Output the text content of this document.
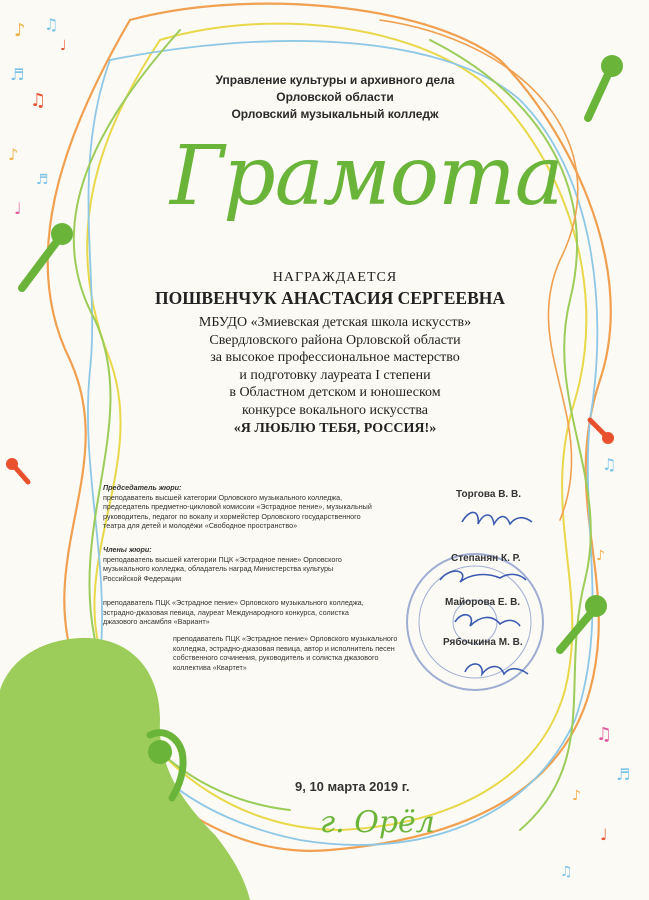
♪ ♫
♩
♬
♫
♪
♬
♩
♫
♪
♫
♬
♪
♩
♫
Управление культуры и архивного дела
Орловской области
Орловский музыкальный колледж
Грамота
НАГРАЖДАЕТСЯ
ПОШВЕНЧУК АНАСТАСИЯ СЕРГЕЕВНА
МБУДО «Змиевская детская школа искусств»
Свердловского района Орловской области
за высокое профессиональное мастерство
и подготовку лауреата I степени
в Областном детском и юношеском
конкурсе вокального искусства
«Я ЛЮБЛЮ ТЕБЯ, РОССИЯ!»
Председатель жюри:
преподаватель высшей категории Орловского музыкального колледжа,
председатель предметно-цикловой комиссии «Эстрадное пение», музыкальный
руководитель, педагог по вокалу и хормейстер Орловского государственного
театра для детей и молодёжи «Свободное пространство»
Торгова В. В.
Члены жюри:
преподаватель высшей категории ПЦК «Эстрадное пение» Орловского
музыкального колледжа, обладатель наград Министерства культуры
Российской Федерации
Степанян К. Р.
преподаватель ПЦК «Эстрадное пение» Орловского музыкального колледжа,
эстрадно-джазовая певица, лауреат Международного конкурса, солистка
джазового ансамбля «Вариант»
Майорова Е. В.
преподаватель ПЦК «Эстрадное пение» Орловского музыкального
колледжа, эстрадно-джазовая певица, автор и исполнитель песен
собственного сочинения, руководитель и солистка джазового
коллектива «Квартет»
Рябочкина М. В.
9, 10 марта 2019 г.
г. Орёл
